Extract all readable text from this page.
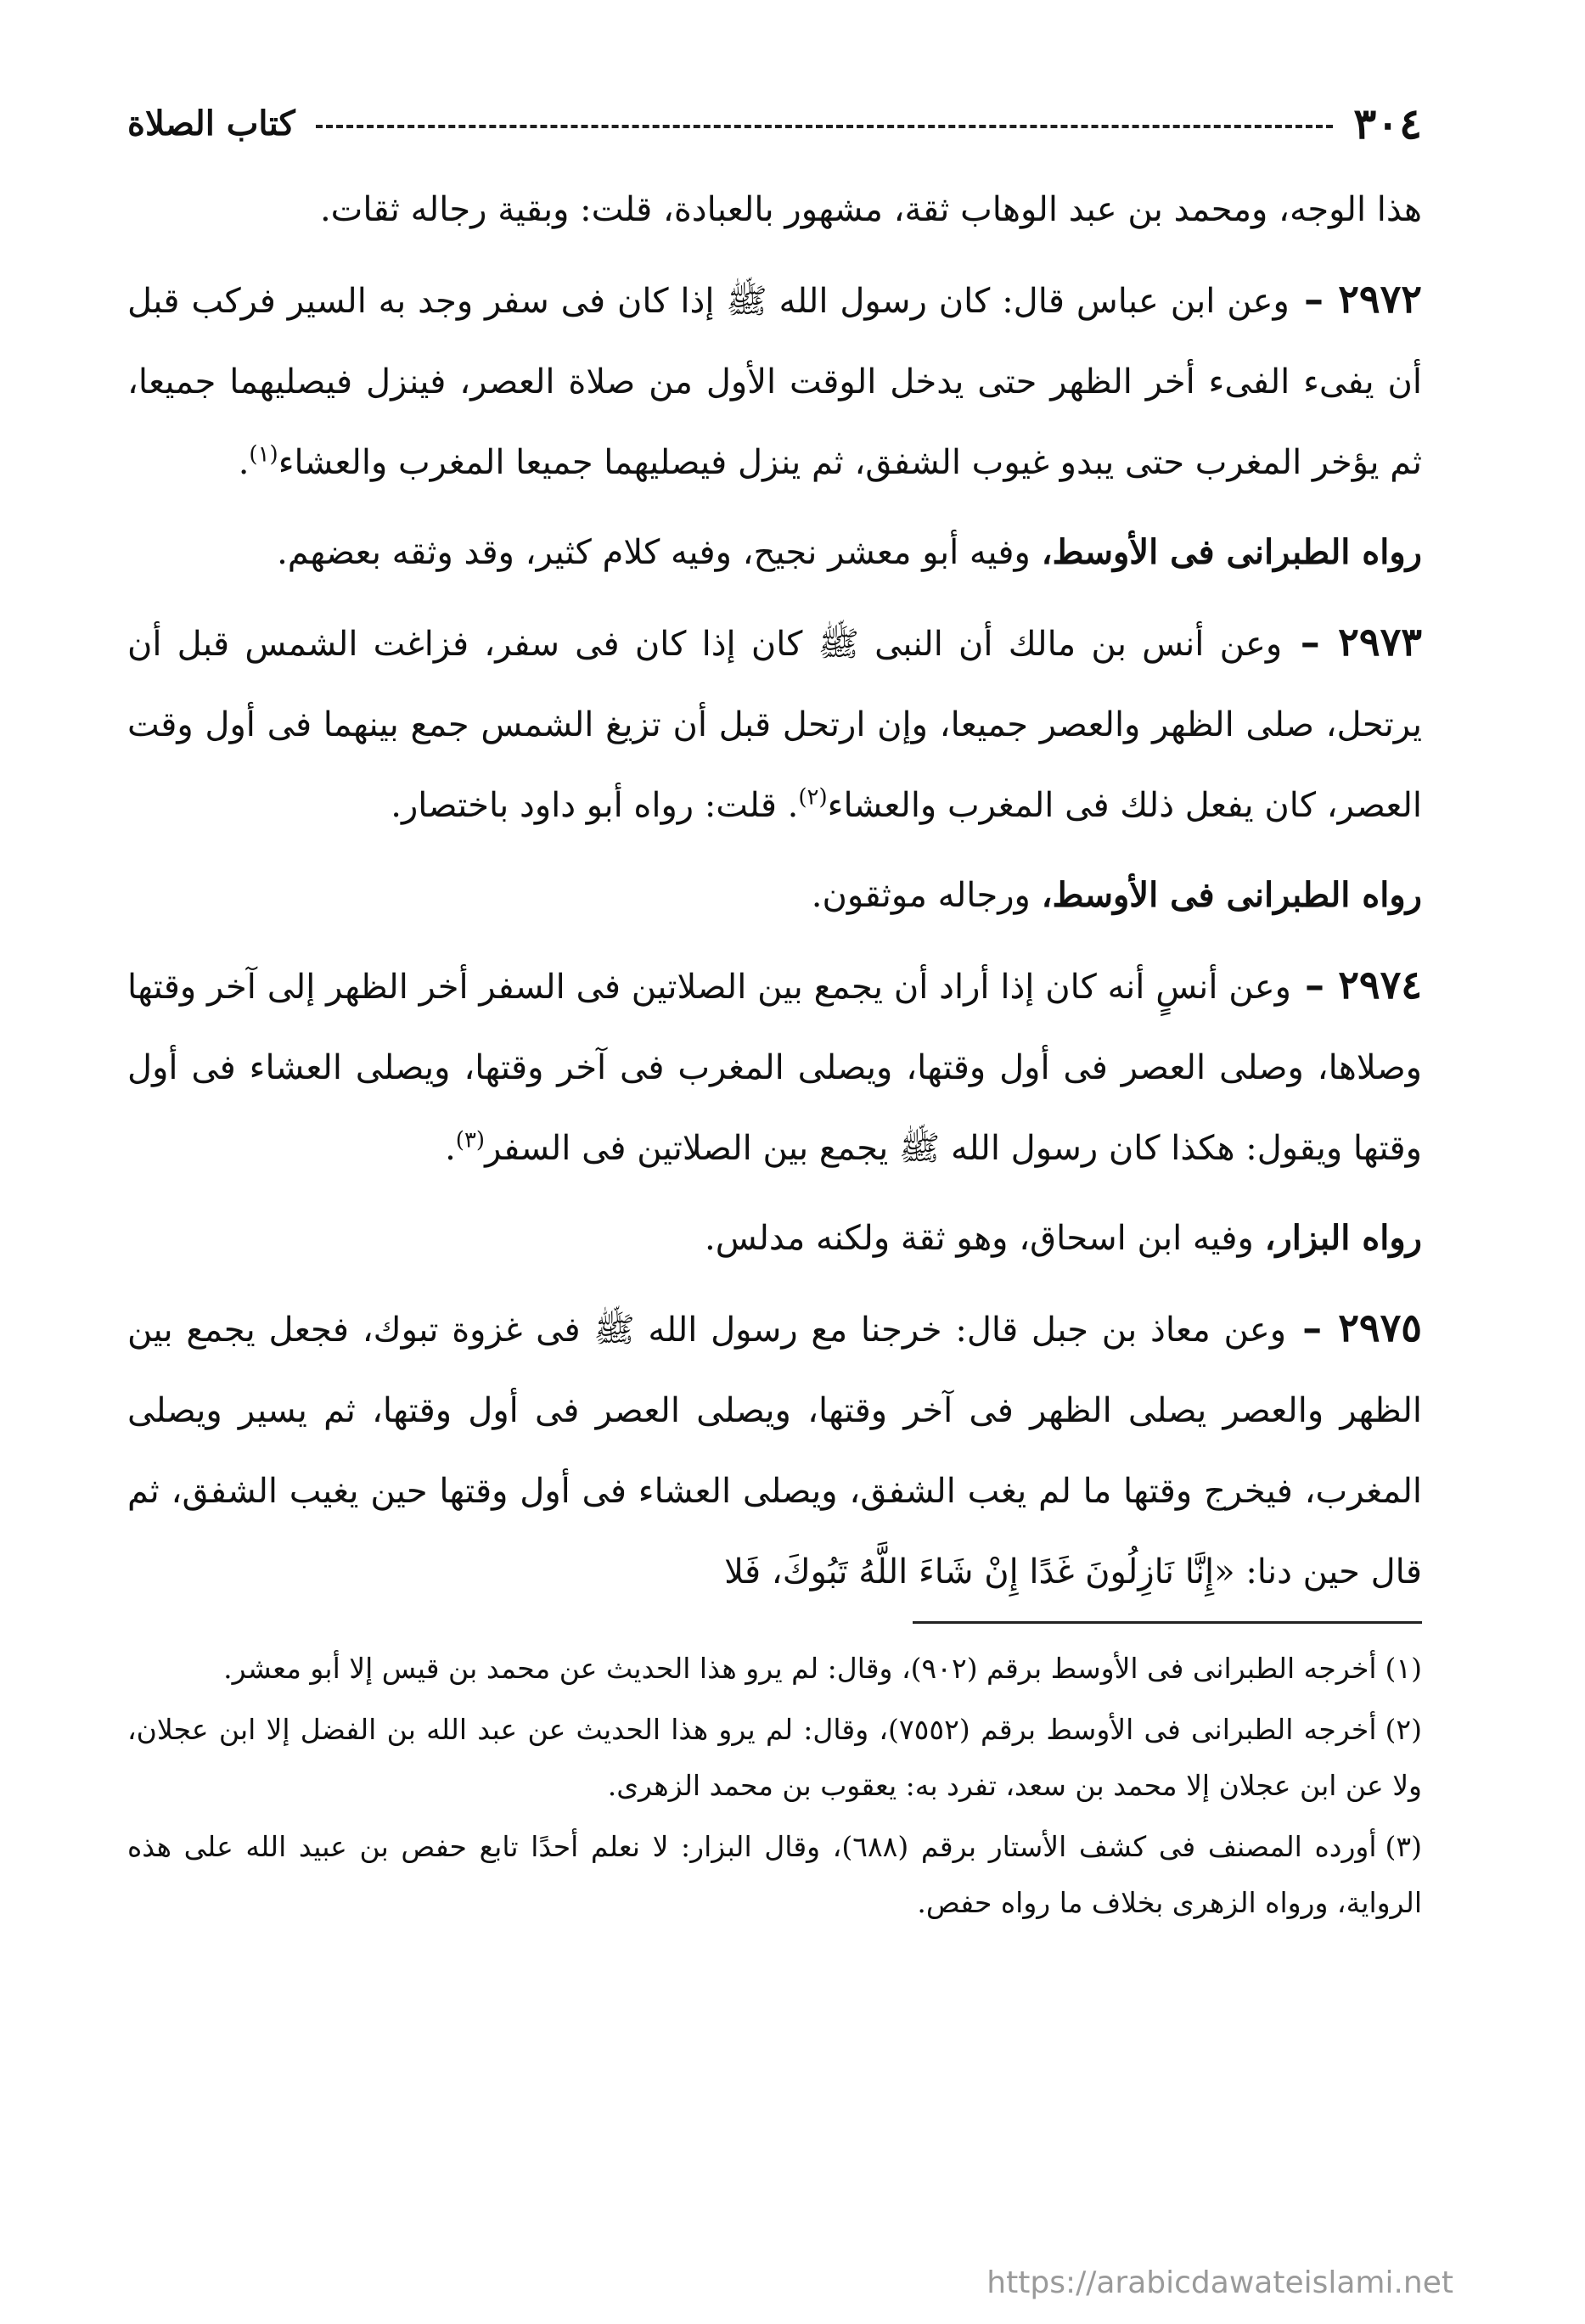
٣٠٤
كتاب الصلاة

هذا الوجه، ومحمد بن عبد الوهاب ثقة، مشهور بالعبادة، قلت: وبقية رجاله ثقات.

٢٩٧٢ – وعن ابن عباس قال: كان رسول الله ﷺ إذا كان فى سفر وجد به السير فركب قبل أن يفىء الفىء أخر الظهر حتى يدخل الوقت الأول من صلاة العصر، فينزل فيصليهما جميعا، ثم يؤخر المغرب حتى يبدو غيوب الشفق، ثم ينزل فيصليهما جميعا المغرب والعشاء$^{(١)}$.

رواه الطبرانى فى الأوسط، وفيه أبو معشر نجيح، وفيه كلام كثير، وقد وثقه بعضهم.

٢٩٧٣ – وعن أنس بن مالك أن النبى ﷺ كان إذا كان فى سفر، فزاغت الشمس قبل أن يرتحل، صلى الظهر والعصر جميعا، وإن ارتحل قبل أن تزيغ الشمس جمع بينهما فى أول وقت العصر، كان يفعل ذلك فى المغرب والعشاء$^{(٢)}$. قلت: رواه أبو داود باختصار.

رواه الطبرانى فى الأوسط، ورجاله موثقون.

٢٩٧٤ – وعن أنسٍ أنه كان إذا أراد أن يجمع بين الصلاتين فى السفر أخر الظهر إلى آخر وقتها وصلاها، وصلى العصر فى أول وقتها، ويصلى المغرب فى آخر وقتها، ويصلى العشاء فى أول وقتها ويقول: هكذا كان رسول الله ﷺ يجمع بين الصلاتين فى السفر$^{(٣)}$.

رواه البزار، وفيه ابن اسحاق، وهو ثقة ولكنه مدلس.

٢٩٧٥ – وعن معاذ بن جبل قال: خرجنا مع رسول الله ﷺ فى غزوة تبوك، فجعل يجمع بين الظهر والعصر يصلى الظهر فى آخر وقتها، ويصلى العصر فى أول وقتها، ثم يسير ويصلى المغرب، فيخرج وقتها ما لم يغب الشفق، ويصلى العشاء فى أول وقتها حين يغيب الشفق، ثم قال حين دنا: «إِنَّا نَازِلُونَ غَدًا إِنْ شَاءَ اللَّهُ تَبُوكَ، فَلا

(١)أخرجه الطبرانى فى الأوسط برقم (٩٠٢)، وقال: لم يرو هذا الحديث عن محمد بن قيس إلا أبو معشر.

(٢)أخرجه الطبرانى فى الأوسط برقم (٧٥٥٢)، وقال: لم يرو هذا الحديث عن عبد الله بن الفضل إلا ابن عجلان، ولا عن ابن عجلان إلا محمد بن سعد، تفرد به: يعقوب بن محمد الزهرى.

(٣)أورده المصنف فى كشف الأستار برقم (٦٨٨)، وقال البزار: لا نعلم أحدًا تابع حفص بن عبيد الله على هذه الرواية، ورواه الزهرى بخلاف ما رواه حفص.

https://arabicdawateislami.net
